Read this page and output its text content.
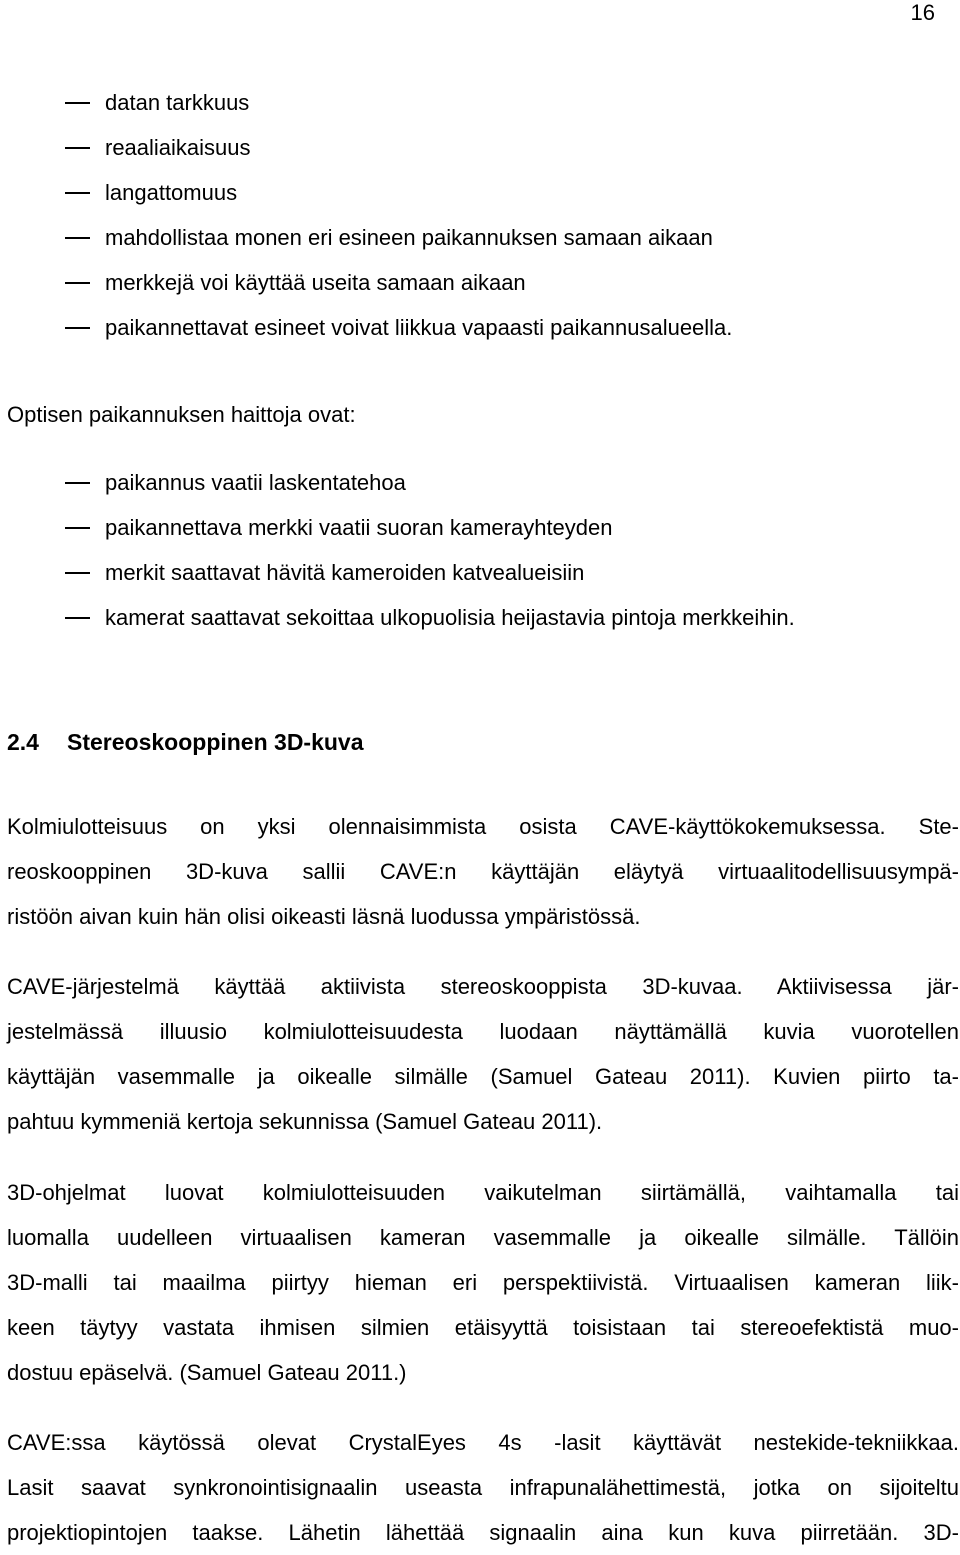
16
datan tarkkuus
reaaliaikaisuus
langattomuus
mahdollistaa monen eri esineen paikannuksen samaan aikaan
merkkejä voi käyttää useita samaan aikaan
paikannettavat esineet voivat liikkua vapaasti paikannusalueella.
Optisen paikannuksen haittoja ovat:
paikannus vaatii laskentatehoa
paikannettava merkki vaatii suoran kamerayhteyden
merkit saattavat hävitä kameroiden katvealueisiin
kamerat saattavat sekoittaa ulkopuolisia heijastavia pintoja merkkeihin.
2.4 Stereoskooppinen 3D-kuva
Kolmiulotteisuus on yksi olennaisimmista osista CAVE-käyttökokemuksessa. Ste-
reoskooppinen 3D-kuva sallii CAVE:n käyttäjän eläytyä virtuaalitodellisuusympä-
ristöön aivan kuin hän olisi oikeasti läsnä luodussa ympäristössä.
CAVE-järjestelmä käyttää aktiivista stereoskooppista 3D-kuvaa. Aktiivisessa jär-
jestelmässä illuusio kolmiulotteisuudesta luodaan näyttämällä kuvia vuorotellen
käyttäjän vasemmalle ja oikealle silmälle (Samuel Gateau 2011). Kuvien piirto ta-
pahtuu kymmeniä kertoja sekunnissa (Samuel Gateau 2011).
3D-ohjelmat luovat kolmiulotteisuuden vaikutelman siirtämällä, vaihtamalla tai
luomalla uudelleen virtuaalisen kameran vasemmalle ja oikealle silmälle. Tällöin
3D-malli tai maailma piirtyy hieman eri perspektiivistä. Virtuaalisen kameran liik-
keen täytyy vastata ihmisen silmien etäisyyttä toisistaan tai stereoefektistä muo-
dostuu epäselvä. (Samuel Gateau 2011.)
CAVE:ssa käytössä olevat CrystalEyes 4s -lasit käyttävät nestekide-tekniikkaa.
Lasit saavat synkronointisignaalin useasta infrapunalähettimestä, jotka on sijoiteltu
projektiopintojen taakse. Lähetin lähettää signaalin aina kun kuva piirretään. 3D-
